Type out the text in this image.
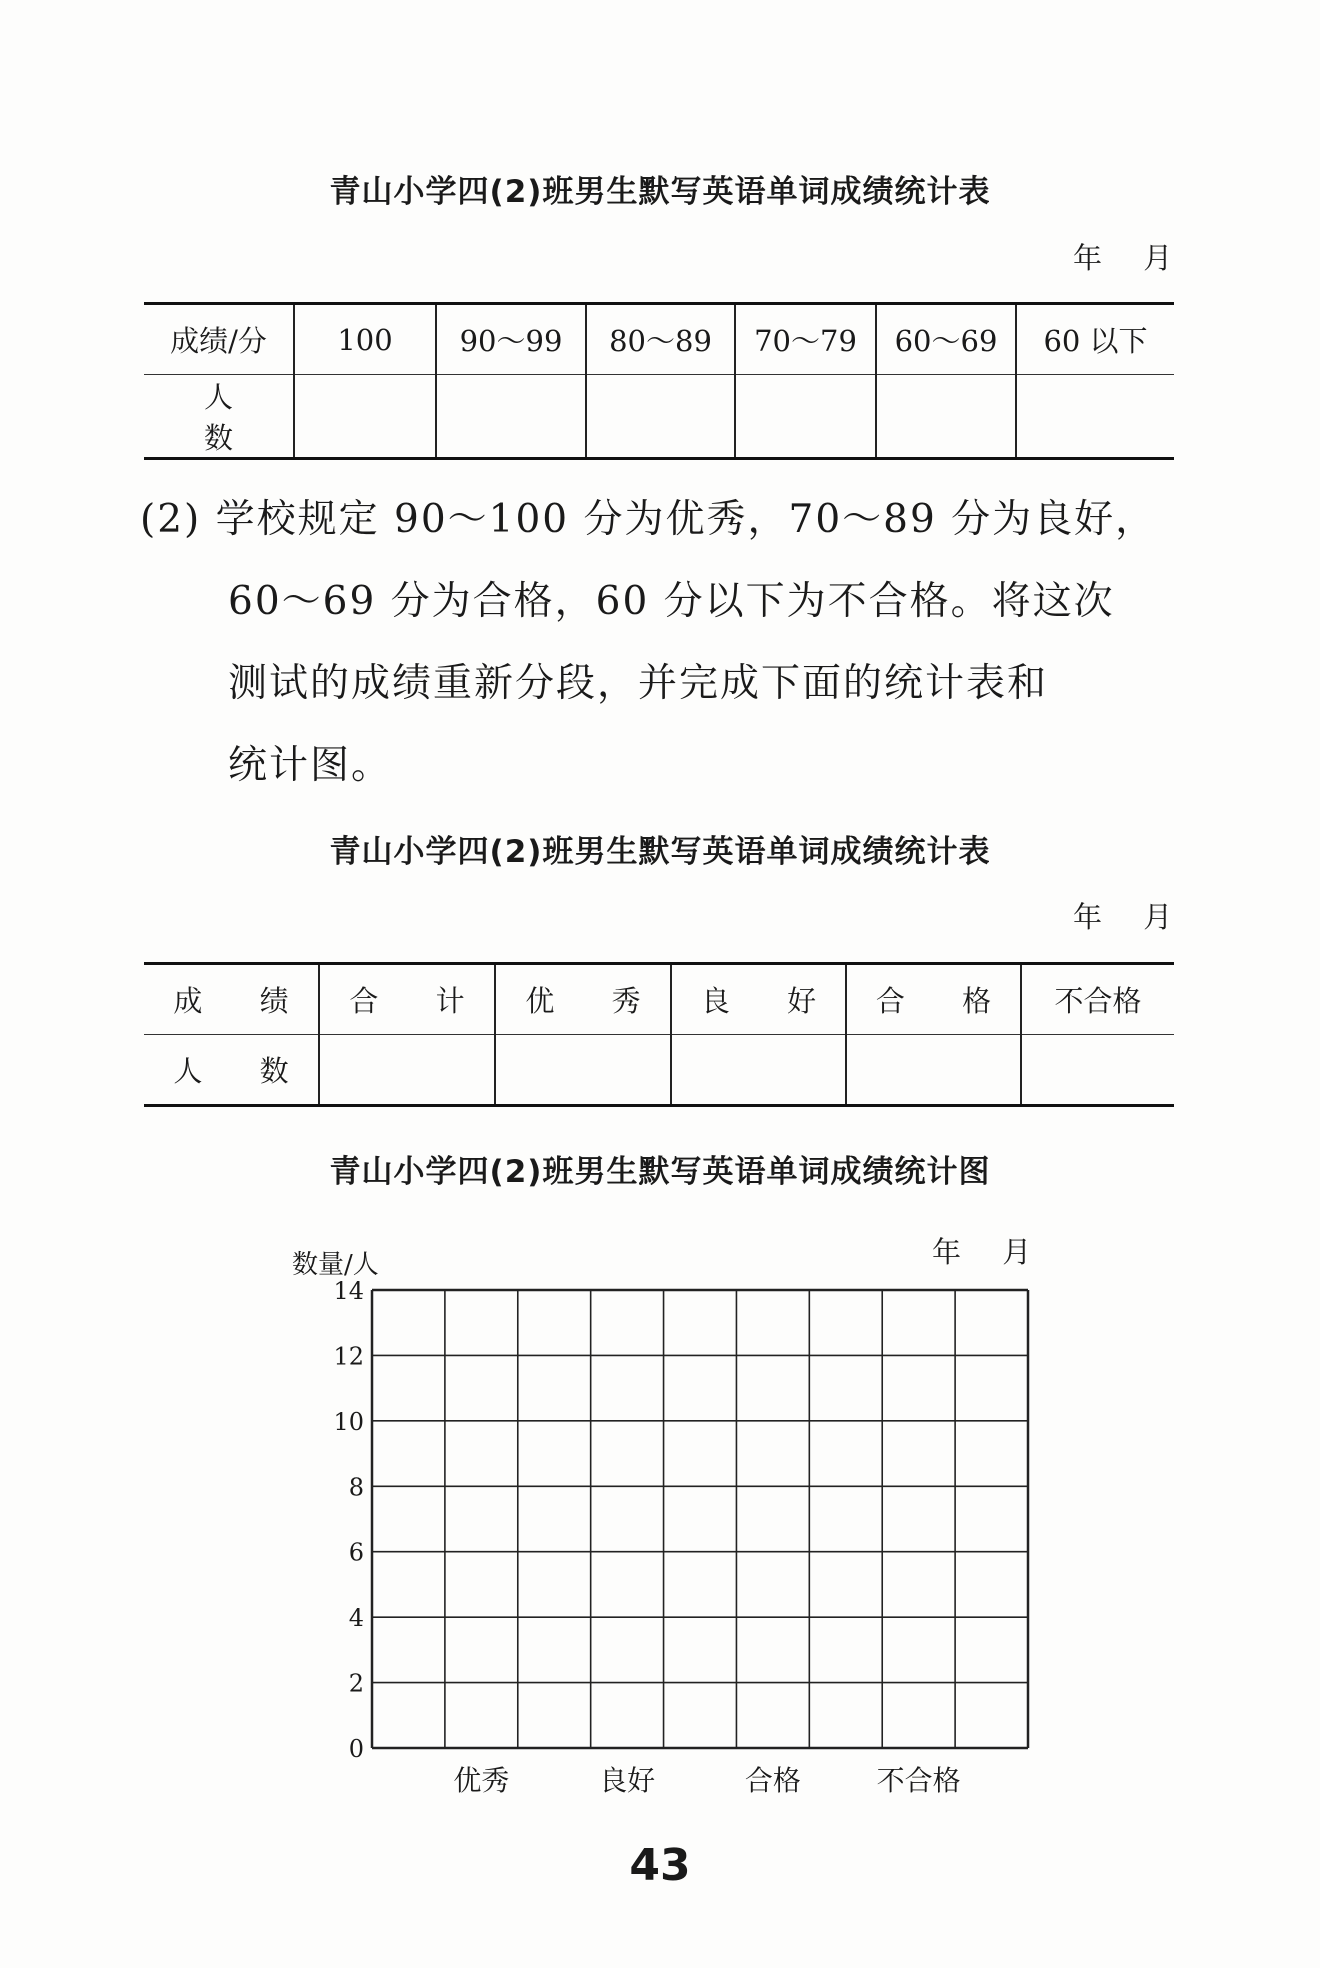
青山小学四(2)班男生默写英语单词成绩统计表
年 月
成绩/分	100	90～99	80～89	70～79	60～69	60 以下
人 数						
(2) 学校规定 90～100 分为优秀，70～89 分为良好，
60～69 分为合格，60 分以下为不合格。将这次
测试的成绩重新分段，并完成下面的统计表和
统计图。
青山小学四(2)班男生默写英语单词成绩统计表
年 月
成 绩	合 计	优 秀	良 好	合 格	不合格
人 数					
青山小学四(2)班男生默写英语单词成绩统计图
年 月
数量/人
0
2
4
6
8
10
12
14
优秀	良好	合格	不合格
43
